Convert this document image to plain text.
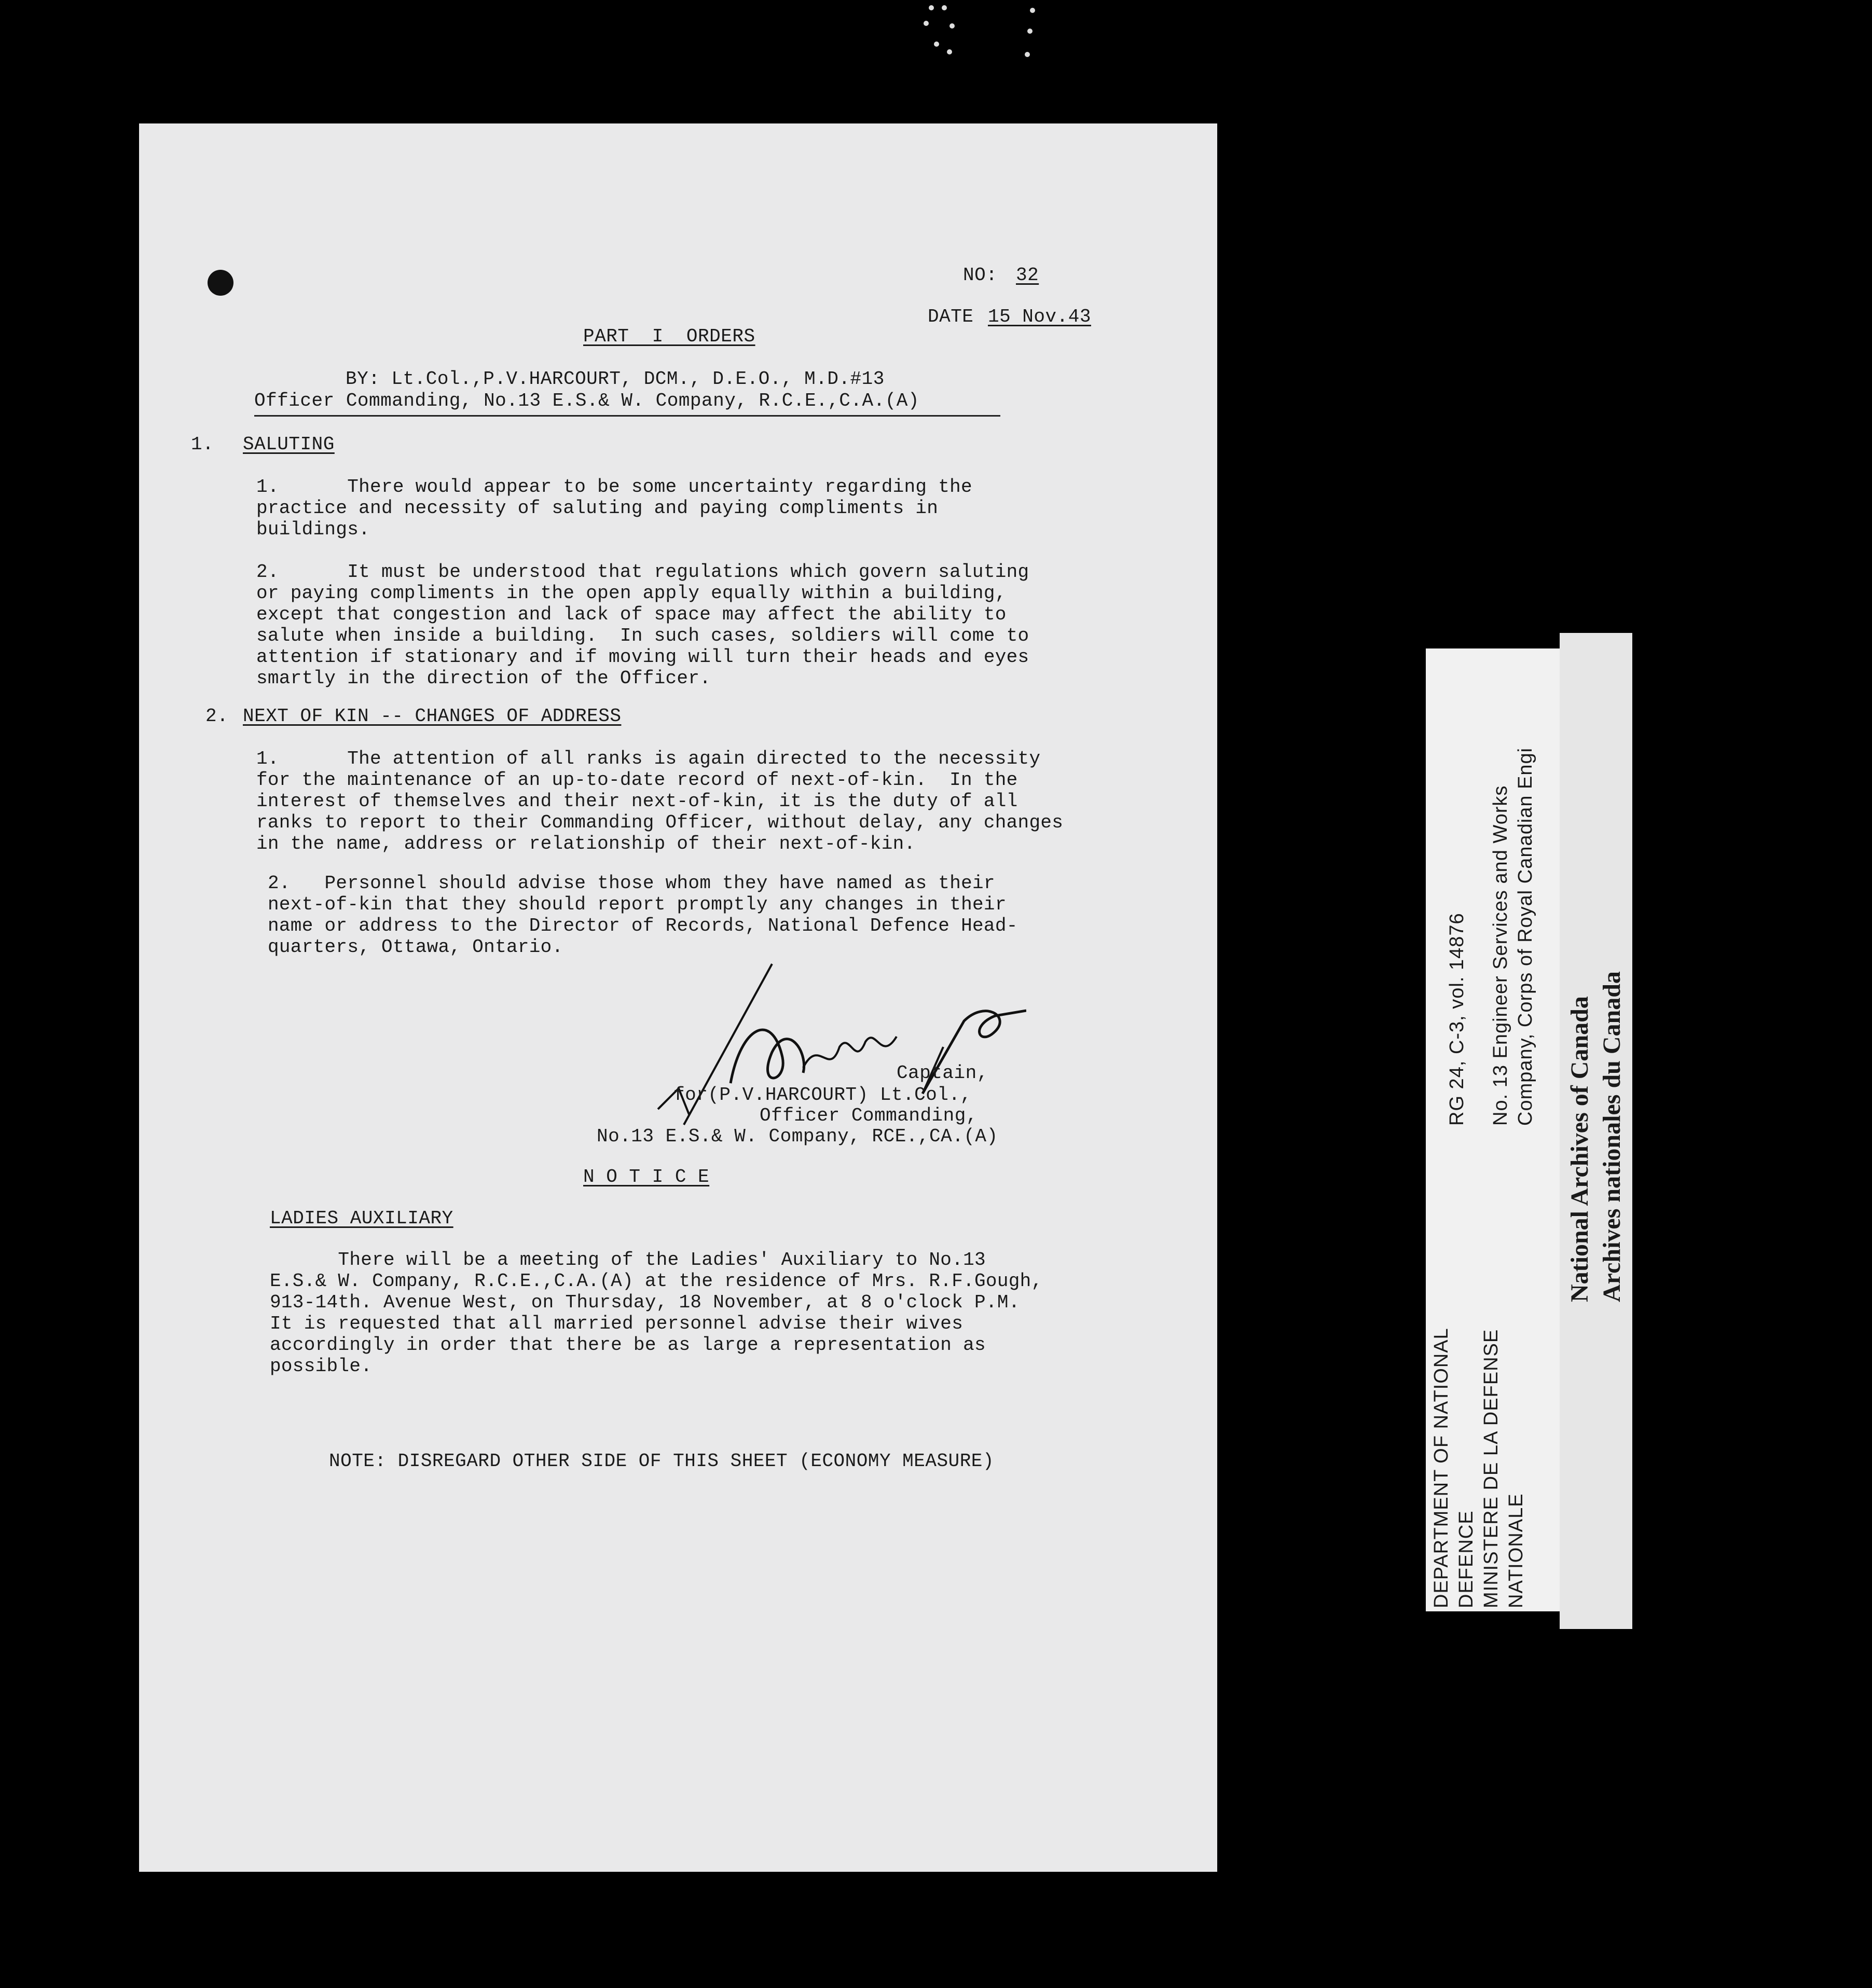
NO: 32
DATE 15 Nov.43
PART  I  ORDERS
BY: Lt.Col.,P.V.HARCOURT, DCM., D.E.O., M.D.#13
Officer Commanding, No.13 E.S.& W. Company, R.C.E.,C.A.(A)
1. SALUTING
1.      There would appear to be some uncertainty regarding the
practice and necessity of saluting and paying compliments in
buildings.
2.      It must be understood that regulations which govern saluting
or paying compliments in the open apply equally within a building,
except that congestion and lack of space may affect the ability to
salute when inside a building.  In such cases, soldiers will come to
attention if stationary and if moving will turn their heads and eyes
smartly in the direction of the Officer.
2. NEXT OF KIN -- CHANGES OF ADDRESS
1.      The attention of all ranks is again directed to the necessity
for the maintenance of an up-to-date record of next-of-kin.  In the
interest of themselves and their next-of-kin, it is the duty of all
ranks to report to their Commanding Officer, without delay, any changes
in the name, address or relationship of their next-of-kin.
2.   Personnel should advise those whom they have named as their
next-of-kin that they should report promptly any changes in their
name or address to the Director of Records, National Defence Head-
quarters, Ottawa, Ontario.
Captain,
for(P.V.HARCOURT) Lt.Col.,
Officer Commanding,
No.13 E.S.& W. Company, RCE.,CA.(A)
N O T I C E
LADIES AUXILIARY
There will be a meeting of the Ladies' Auxiliary to No.13
E.S.& W. Company, R.C.E.,C.A.(A) at the residence of Mrs. R.F.Gough,
913-14th. Avenue West, on Thursday, 18 November, at 8 o'clock P.M.
It is requested that all married personnel advise their wives
accordingly in order that there be as large a representation as
possible.
NOTE: DISREGARD OTHER SIDE OF THIS SHEET (ECONOMY MEASURE)	DEPARTMENT OF NATIONAL DEFENCE MINISTERE DE LA DEFENSE NATIONALE
RG 24, C-3, vol. 14876 No. 13 Engineer Services and Works Company, Corps of Royal Canadian Engi
National Archives of Canada Archives nationales du Canada
